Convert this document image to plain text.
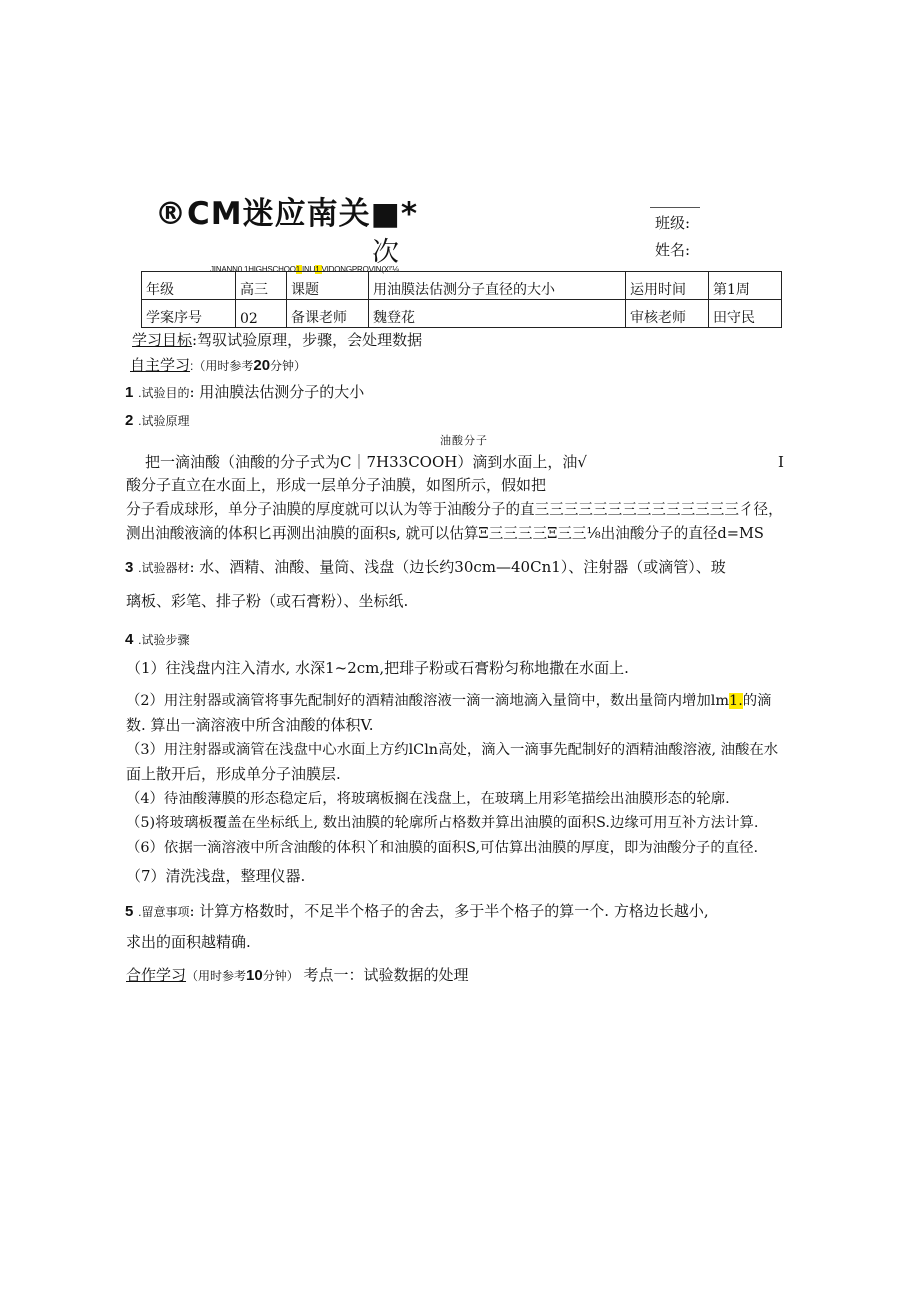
®CM迷应南关■*
次
JINANN0.1HIGHSCHOO1.INU1.VIDONGPROVIN(X!'⅛
班级:
姓名:
年级	高三	课题	用油膜法估测分子直径的大小	运用时间	第1周
学案序号	02	备课老师	魏登花	审核老师	田守民
学习目标:驾驭试验原理，步骤，会处理数据
自主学习:（用时参考20分钟）
1 .试验目的: 用油膜法估测分子的大小
2 .试验原理
油酸分子
把一滴油酸（油酸的分子式为C｜7H33COOH）滴到水面上，油√	I
酸分子直立在水面上，形成一层单分子油膜，如图所示，假如把
分子看成球形，单分子油膜的厚度就可以认为等于油酸分子的直三三三三三三三三三三三三三三彳径，
测出油酸液滴的体积匕再测出油膜的面积s, 就可以估算Ξ三三三三Ξ三三⅛出油酸分子的直径d=MS
3 .试验器材: 水、酒精、油酸、量筒、浅盘（边长约30cm—40Cn1）、注射器（或滴管）、玻
璃板、彩笔、排子粉（或石膏粉）、坐标纸.
4 .试验步骤
（1）往浅盘内注入清水, 水深1~2cm,把琲子粉或石膏粉匀称地撒在水面上.
（2）用注射器或滴管将事先配制好的酒精油酸溶液一滴一滴地滴入量筒中，数出量筒内增加lm1.的滴
数. 算出一滴溶液中所含油酸的体积V.
（3）用注射器或滴管在浅盘中心水面上方约lCln高处，滴入一滴事先配制好的酒精油酸溶液, 油酸在水
面上散开后，形成单分子油膜层.
（4）待油酸薄膜的形态稳定后，将玻璃板搁在浅盘上，在玻璃上用彩笔描绘出油膜形态的轮廓.
（5)将玻璃板覆盖在坐标纸上, 数出油膜的轮廓所占格数并算出油膜的面积S.边缘可用互补方法计算.
（6）依据一滴溶液中所含油酸的体积丫和油膜的面积S,可估算出油膜的厚度，即为油酸分子的直径.
（7）清洗浅盘，整理仪器.
5 .留意事项: 计算方格数时，不足半个格子的舍去，多于半个格子的算一个. 方格边长越小,
求出的面积越精确.
合作学习（用时参考10分钟） 考点一：试验数据的处理
